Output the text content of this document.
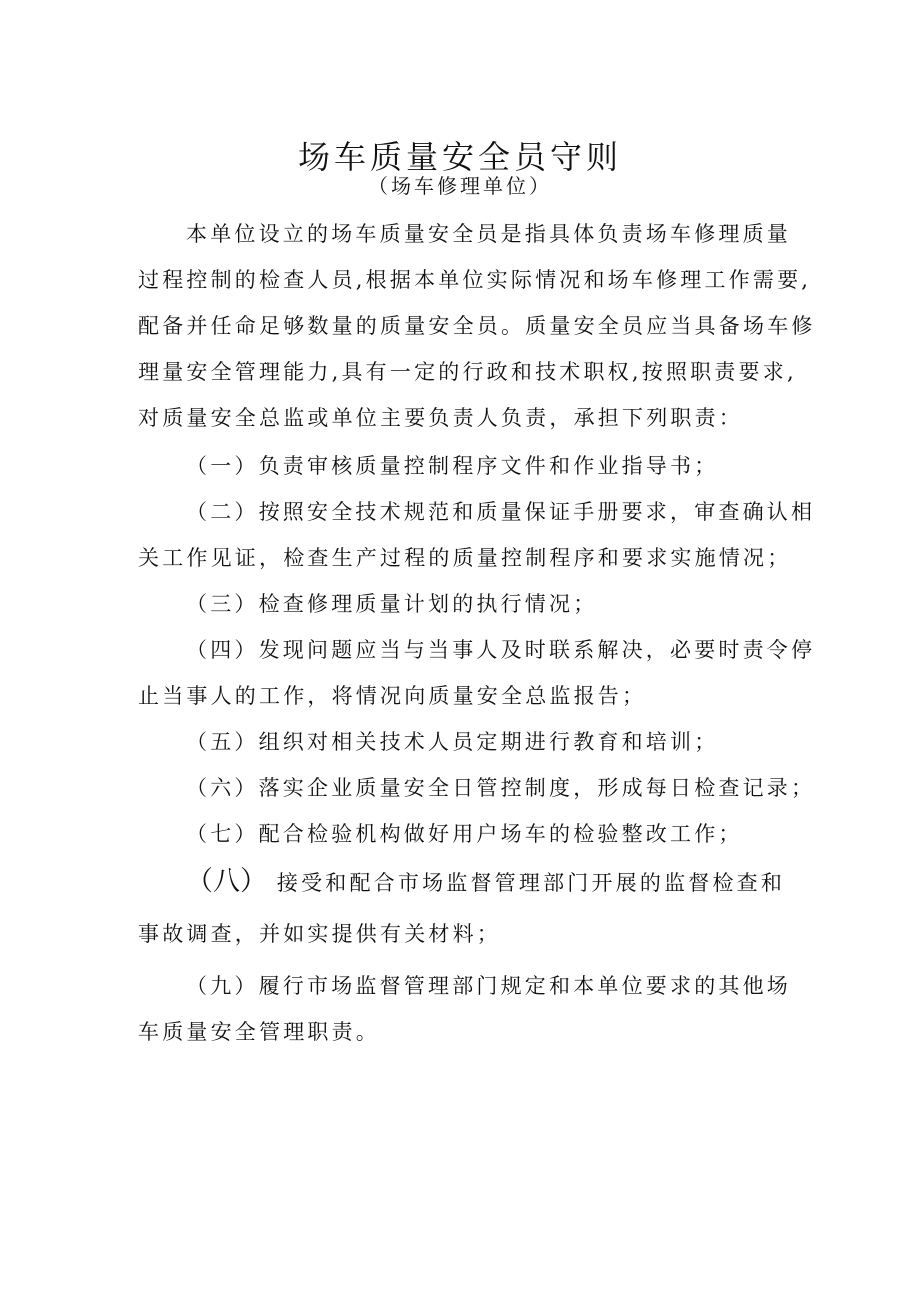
场车质量安全员守则
（场车修理单位）
本单位设立的场车质量安全员是指具体负责场车修理质量
过程控制的检查人员,根据本单位实际情况和场车修理工作需要,
配备并任命足够数量的质量安全员。质量安全员应当具备场车修
理量安全管理能力,具有一定的行政和技术职权,按照职责要求,
对质量安全总监或单位主要负责人负责，承担下列职责：
（一）负责审核质量控制程序文件和作业指导书；
（二）按照安全技术规范和质量保证手册要求，审查确认相
关工作见证，检查生产过程的质量控制程序和要求实施情况；
（三）检查修理质量计划的执行情况；
（四）发现问题应当与当事人及时联系解决，必要时责令停
止当事人的工作，将情况向质量安全总监报告；
（五）组织对相关技术人员定期进行教育和培训；
（六）落实企业质量安全日管控制度，形成每日检查记录；
（七）配合检验机构做好用户场车的检验整改工作；
（八） 接受和配合市场监督管理部门开展的监督检查和
事故调查，并如实提供有关材料；
（九）履行市场监督管理部门规定和本单位要求的其他场
车质量安全管理职责。
